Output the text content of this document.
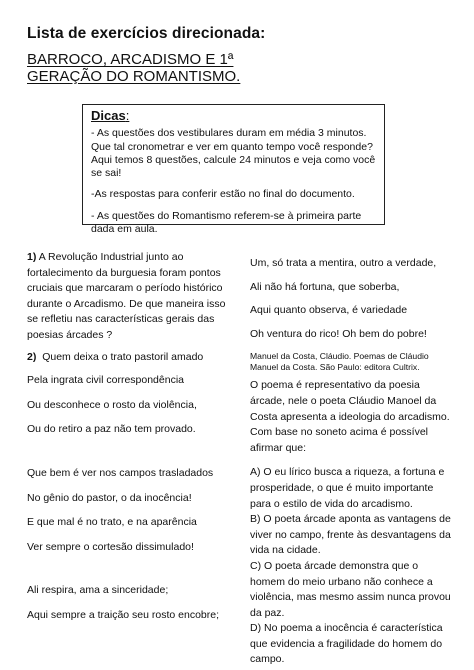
Lista de exercícios direcionada:
BARROCO, ARCADISMO E 1ª
GERAÇÃO DO ROMANTISMO.
Dicas:

- As questões dos vestibulares duram em média 3 minutos. Que tal cronometrar e ver em quanto tempo você responde? Aqui temos 8 questões, calcule 24 minutos e veja como você se sai!

-As respostas para conferir estão no final do documento.

- As questões do Romantismo referem-se à primeira parte dada em aula.

1) A Revolução Industrial junto ao fortalecimento da burguesia foram pontos cruciais que marcaram o período histórico durante o Arcadismo. De que maneira isso se refletiu nas características gerais das poesias árcades ?

2) Quem deixa o trato pastoril amado

Pela ingrata civil correspondência

Ou desconhece o rosto da violência,

Ou do retiro a paz não tem provado.

Que bem é ver nos campos trasladados

No gênio do pastor, o da inocência!

E que mal é no trato, e na aparência

Ver sempre o cortesão dissimulado!

Ali respira, ama a sinceridade;

Aqui sempre a traição seu rosto encobre;

Um, só trata a mentira, outro a verdade,

Ali não há fortuna, que soberba,

Aqui quanto observa, é variedade

Oh ventura do rico! Oh bem do pobre!

Manuel da Costa, Cláudio. Poemas de Cláudio Manuel da Costa. São Paulo: editora Cultrix.

O poema é representativo da poesia árcade, nele o poeta Cláudio Manoel da Costa apresenta a ideologia do arcadismo. Com base no soneto acima é possível afirmar que:

A) O eu lírico busca a riqueza, a fortuna e prosperidade, o que é muito importante para o estilo de vida do arcadismo.

B) O poeta árcade aponta as vantagens de viver no campo, frente às desvantagens da vida na cidade.

C) O poeta árcade demonstra que o homem do meio urbano não conhece a violência, mas mesmo assim nunca provou da paz.

D) No poema a inocência é característica que evidencia a fragilidade do homem do campo.
